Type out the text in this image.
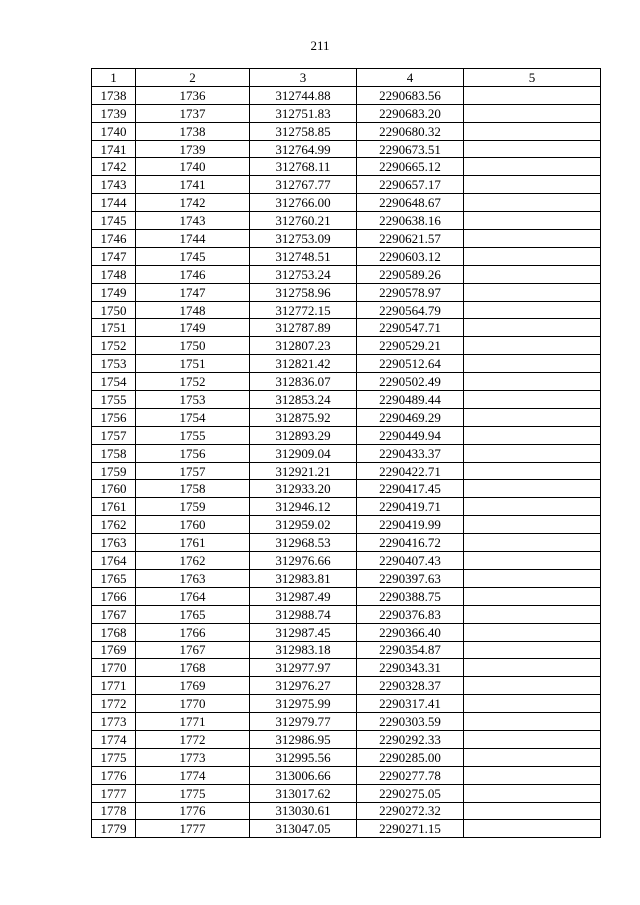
211
1	2	3	4	5
1738	1736	312744.88	2290683.56	
1739	1737	312751.83	2290683.20	
1740	1738	312758.85	2290680.32	
1741	1739	312764.99	2290673.51	
1742	1740	312768.11	2290665.12	
1743	1741	312767.77	2290657.17	
1744	1742	312766.00	2290648.67	
1745	1743	312760.21	2290638.16	
1746	1744	312753.09	2290621.57	
1747	1745	312748.51	2290603.12	
1748	1746	312753.24	2290589.26	
1749	1747	312758.96	2290578.97	
1750	1748	312772.15	2290564.79	
1751	1749	312787.89	2290547.71	
1752	1750	312807.23	2290529.21	
1753	1751	312821.42	2290512.64	
1754	1752	312836.07	2290502.49	
1755	1753	312853.24	2290489.44	
1756	1754	312875.92	2290469.29	
1757	1755	312893.29	2290449.94	
1758	1756	312909.04	2290433.37	
1759	1757	312921.21	2290422.71	
1760	1758	312933.20	2290417.45	
1761	1759	312946.12	2290419.71	
1762	1760	312959.02	2290419.99	
1763	1761	312968.53	2290416.72	
1764	1762	312976.66	2290407.43	
1765	1763	312983.81	2290397.63	
1766	1764	312987.49	2290388.75	
1767	1765	312988.74	2290376.83	
1768	1766	312987.45	2290366.40	
1769	1767	312983.18	2290354.87	
1770	1768	312977.97	2290343.31	
1771	1769	312976.27	2290328.37	
1772	1770	312975.99	2290317.41	
1773	1771	312979.77	2290303.59	
1774	1772	312986.95	2290292.33	
1775	1773	312995.56	2290285.00	
1776	1774	313006.66	2290277.78	
1777	1775	313017.62	2290275.05	
1778	1776	313030.61	2290272.32	
1779	1777	313047.05	2290271.15	
